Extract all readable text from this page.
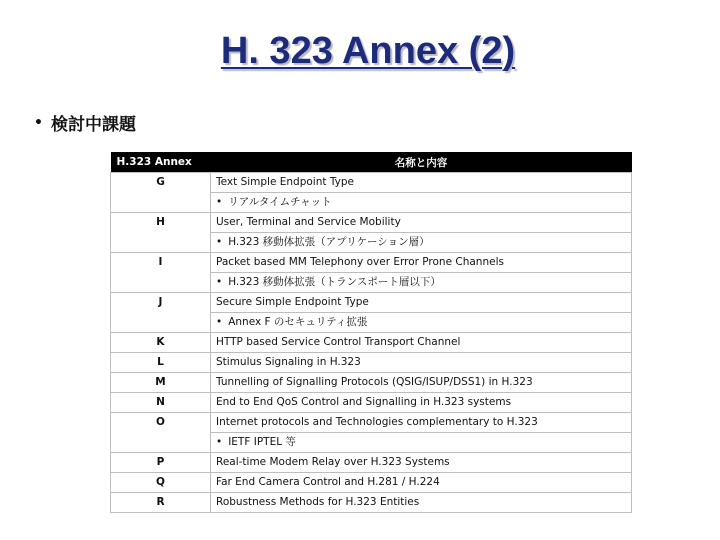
H. 323 Annex (2)
• 検討中課題
H.323 Annex	名称と内容

G	Text Simple Endpoint Type
• リアルタイムチャット

H	User, Terminal and Service Mobility
• H.323 移動体拡張（アプリケーション層）

I	Packet based MM Telephony over Error Prone Channels
• H.323 移動体拡張（トランスポート層以下）

J	Secure Simple Endpoint Type
• Annex F のセキュリティ拡張

K	HTTP based Service Control Transport Channel

L	Stimulus Signaling in H.323

M	Tunnelling of Signalling Protocols (QSIG/ISUP/DSS1) in H.323

N	End to End QoS Control and Signalling in H.323 systems

O	Internet protocols and Technologies complementary to H.323
• IETF IPTEL 等

P	Real-time Modem Relay over H.323 Systems

Q	Far End Camera Control and H.281 / H.224

R	Robustness Methods for H.323 Entities
